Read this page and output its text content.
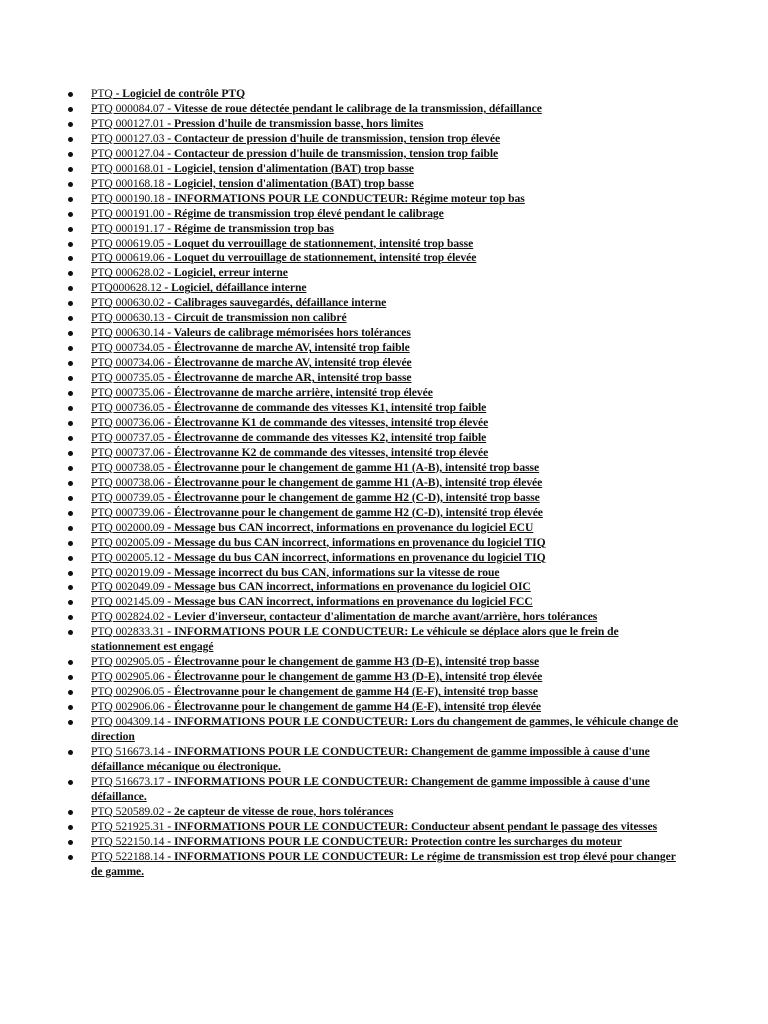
PTQ - Logiciel de contrôle PTQ
PTQ 000084.07 - Vitesse de roue détectée pendant le calibrage de la transmission, défaillance
PTQ 000127.01 - Pression d'huile de transmission basse, hors limites
PTQ 000127.03 - Contacteur de pression d'huile de transmission, tension trop élevée
PTQ 000127.04 - Contacteur de pression d'huile de transmission, tension trop faible
PTQ 000168.01 - Logiciel, tension d'alimentation (BAT) trop basse
PTQ 000168.18 - Logiciel, tension d'alimentation (BAT) trop basse
PTQ 000190.18 - INFORMATIONS POUR LE CONDUCTEUR: Régime moteur top bas
PTQ 000191.00 - Régime de transmission trop élevé pendant le calibrage
PTQ 000191.17 - Régime de transmission trop bas
PTQ 000619.05 - Loquet du verrouillage de stationnement, intensité trop basse
PTQ 000619.06 - Loquet du verrouillage de stationnement, intensité trop élevée
PTQ 000628.02 - Logiciel, erreur interne
PTQ000628.12 - Logiciel, défaillance interne
PTQ 000630.02 - Calibrages sauvegardés, défaillance interne
PTQ 000630.13 - Circuit de transmission non calibré
PTQ 000630.14 - Valeurs de calibrage mémorisées hors tolérances
PTQ 000734.05 - Électrovanne de marche AV, intensité trop faible
PTQ 000734.06 - Électrovanne de marche AV, intensité trop élevée
PTQ 000735.05 - Électrovanne de marche AR, intensité trop basse
PTQ 000735.06 - Électrovanne de marche arrière, intensité trop élevée
PTQ 000736.05 - Électrovanne de commande des vitesses K1, intensité trop faible
PTQ 000736.06 - Électrovanne K1 de commande des vitesses, intensité trop élevée
PTQ 000737.05 - Électrovanne de commande des vitesses K2, intensité trop faible
PTQ 000737.06 - Électrovanne K2 de commande des vitesses, intensité trop élevée
PTQ 000738.05 - Électrovanne pour le changement de gamme H1 (A-B), intensité trop basse
PTQ 000738.06 - Électrovanne pour le changement de gamme H1 (A-B), intensité trop élevée
PTQ 000739.05 - Électrovanne pour le changement de gamme H2 (C-D), intensité trop basse
PTQ 000739.06 - Électrovanne pour le changement de gamme H2 (C-D), intensité trop élevée
PTQ 002000.09 - Message bus CAN incorrect, informations en provenance du logiciel ECU
PTQ 002005.09 - Message du bus CAN incorrect, informations en provenance du logiciel TIQ
PTQ 002005.12 - Message du bus CAN incorrect, informations en provenance du logiciel TIQ
PTQ 002019.09 - Message incorrect du bus CAN, informations sur la vitesse de roue
PTQ 002049.09 - Message bus CAN incorrect, informations en provenance du logiciel OIC
PTQ 002145.09 - Message bus CAN incorrect, informations en provenance du logiciel FCC
PTQ 002824.02 - Levier d'inverseur, contacteur d'alimentation de marche avant/arrière, hors tolérances
PTQ 002833.31 - INFORMATIONS POUR LE CONDUCTEUR: Le véhicule se déplace alors que le frein de stationnement est engagé
PTQ 002905.05 - Électrovanne pour le changement de gamme H3 (D-E), intensité trop basse
PTQ 002905.06 - Électrovanne pour le changement de gamme H3 (D-E), intensité trop élevée
PTQ 002906.05 - Électrovanne pour le changement de gamme H4 (E-F), intensité trop basse
PTQ 002906.06 - Électrovanne pour le changement de gamme H4 (E-F), intensité trop élevée
PTQ 004309.14 - INFORMATIONS POUR LE CONDUCTEUR: Lors du changement de gammes, le véhicule change de direction
PTQ 516673.14 - INFORMATIONS POUR LE CONDUCTEUR: Changement de gamme impossible à cause d'une défaillance mécanique ou électronique.
PTQ 516673.17 - INFORMATIONS POUR LE CONDUCTEUR: Changement de gamme impossible à cause d'une défaillance.
PTQ 520589.02 - 2e capteur de vitesse de roue, hors tolérances
PTQ 521925.31 - INFORMATIONS POUR LE CONDUCTEUR: Conducteur absent pendant le passage des vitesses
PTQ 522150.14 - INFORMATIONS POUR LE CONDUCTEUR: Protection contre les surcharges du moteur
PTQ 522188.14 - INFORMATIONS POUR LE CONDUCTEUR: Le régime de transmission est trop élevé pour changer de gamme.
